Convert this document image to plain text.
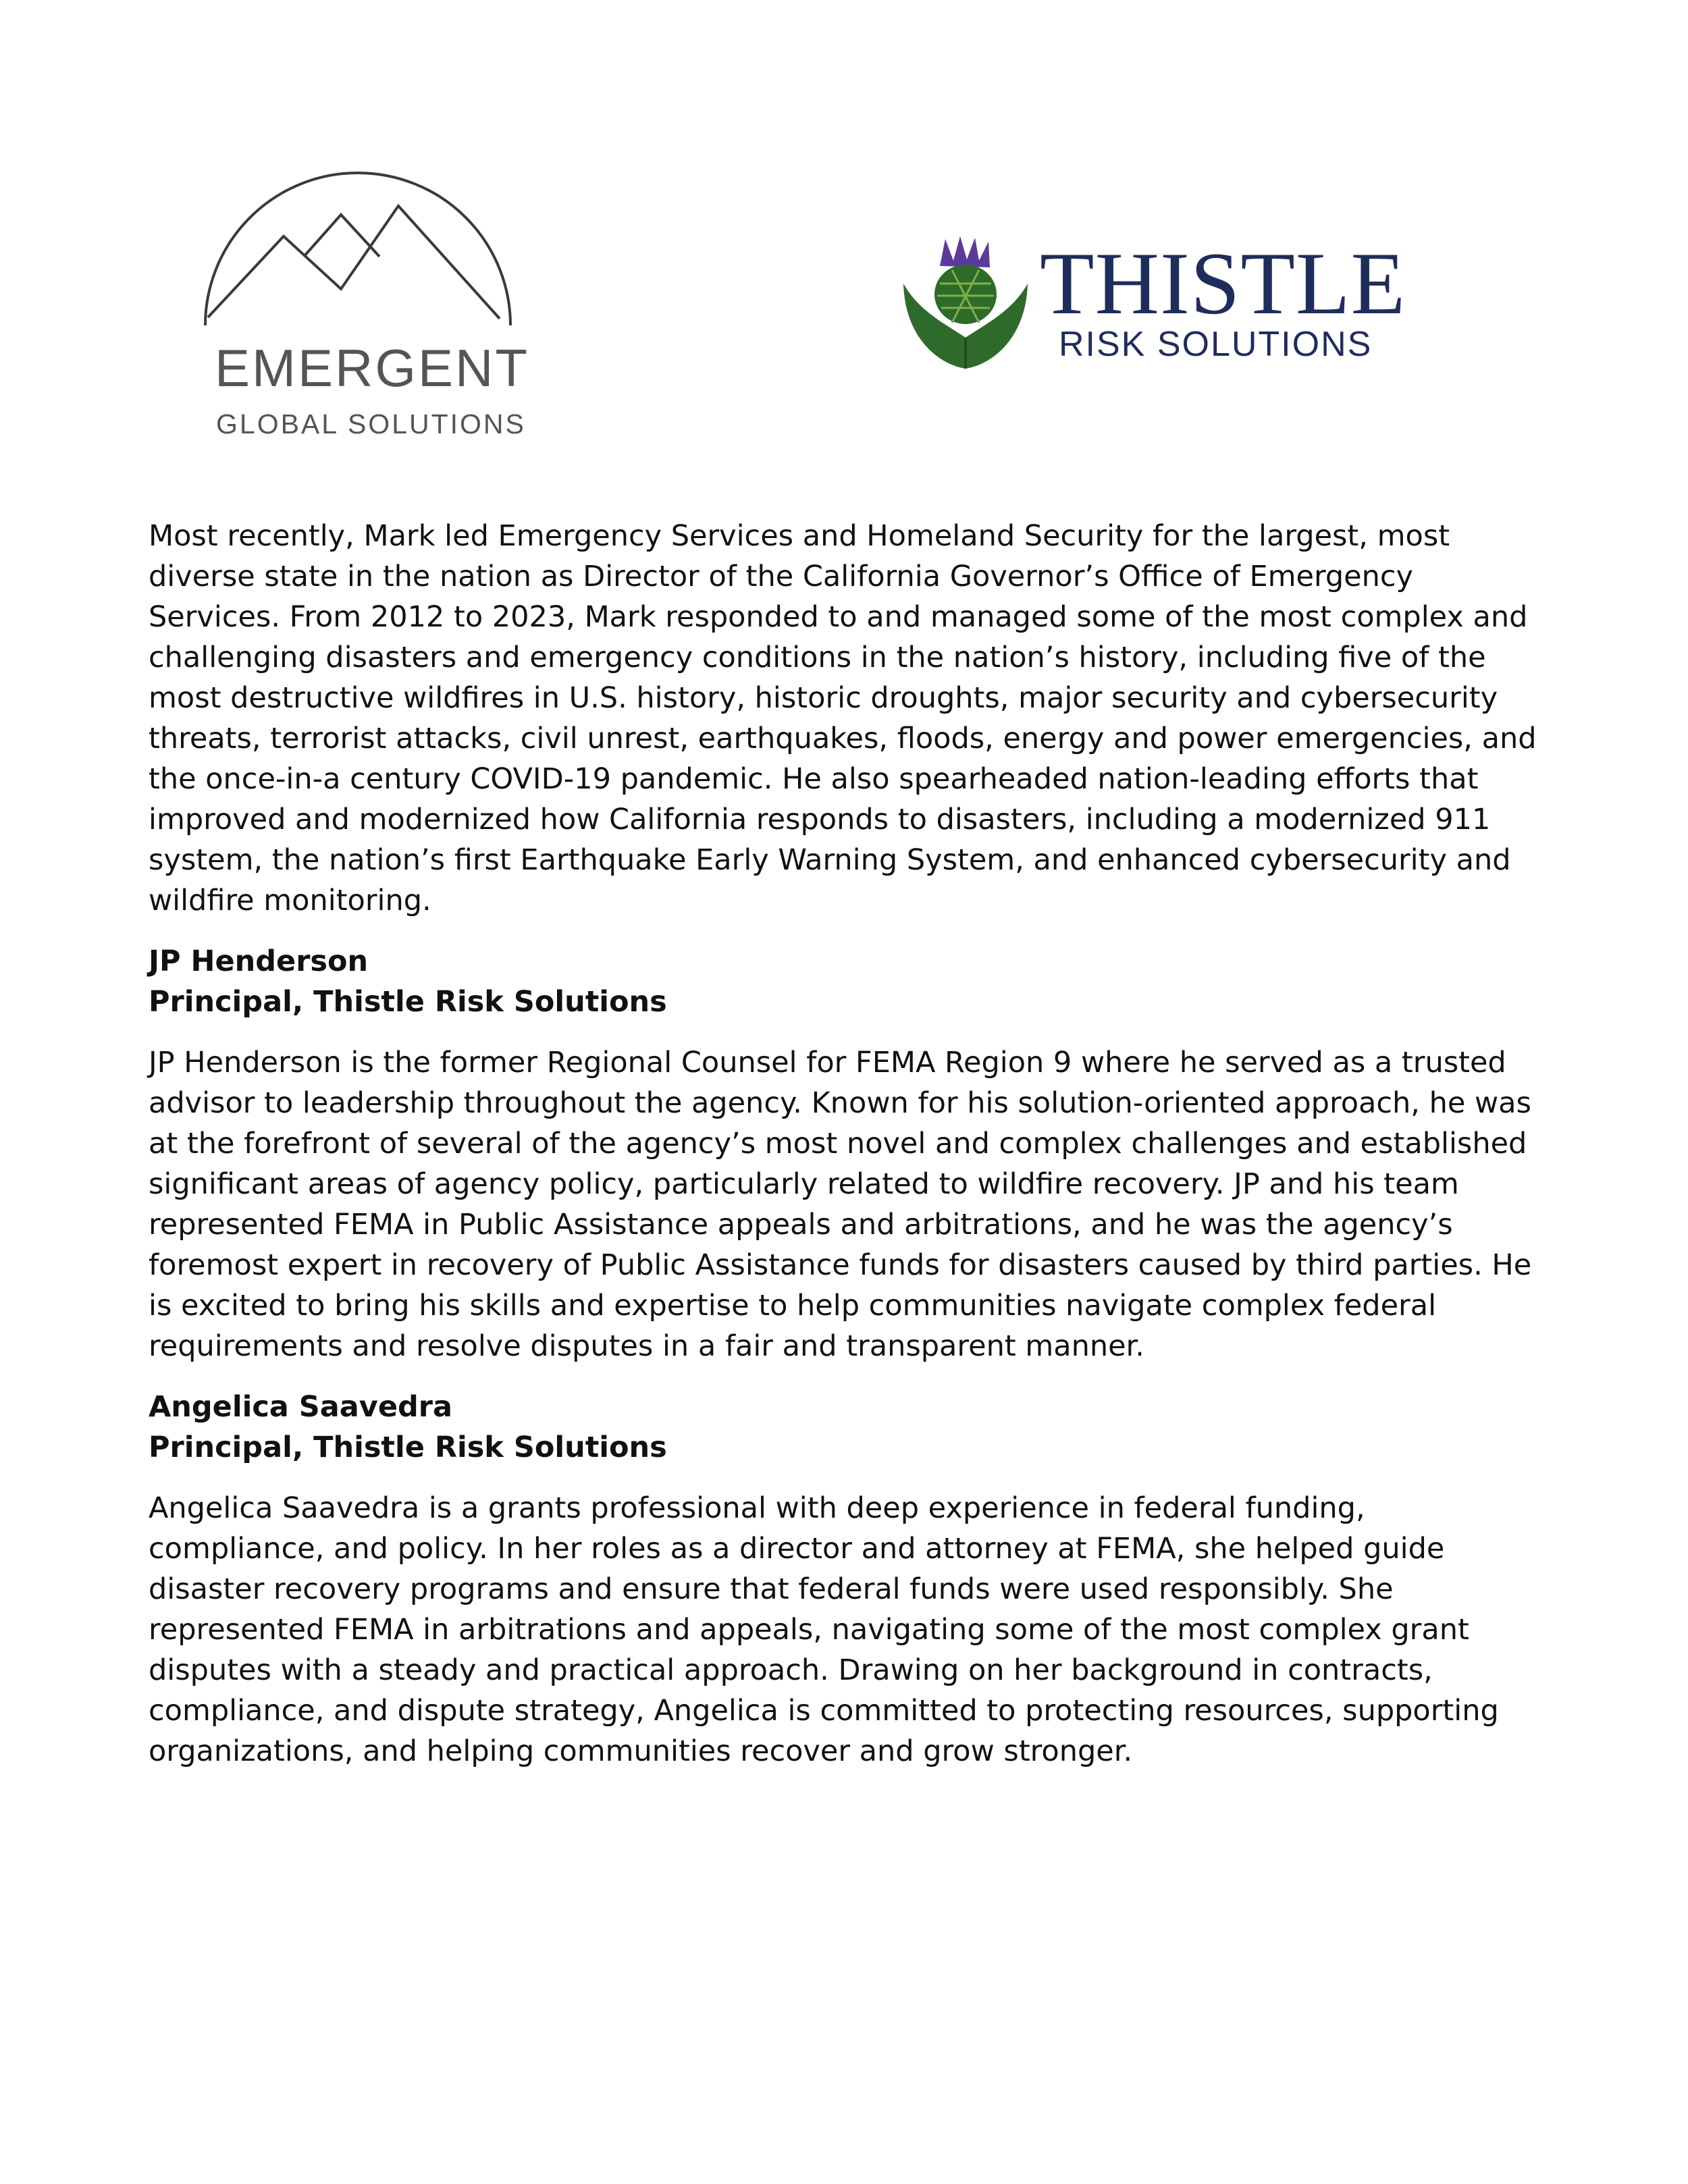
EMERGENT
GLOBAL SOLUTIONS
THISTLE
RISK SOLUTIONS

Most recently, Mark led Emergency Services and Homeland Security for the largest, most diverse state in the nation as Director of the California Governor’s Office of Emergency Services. From 2012 to 2023, Mark responded to and managed some of the most complex and challenging disasters and emergency conditions in the nation’s history, including five of the most destructive wildfires in U.S. history, historic droughts, major security and cybersecurity threats, terrorist attacks, civil unrest, earthquakes, floods, energy and power emergencies, and the once-in-a century COVID-19 pandemic. He also spearheaded nation-leading efforts that improved and modernized how California responds to disasters, including a modernized 911 system, the nation’s first Earthquake Early Warning System, and enhanced cybersecurity and wildfire monitoring.

JP Henderson

Principal, Thistle Risk Solutions

JP Henderson is the former Regional Counsel for FEMA Region 9 where he served as a trusted advisor to leadership throughout the agency. Known for his solution-oriented approach, he was at the forefront of several of the agency’s most novel and complex challenges and established significant areas of agency policy, particularly related to wildfire recovery. JP and his team represented FEMA in Public Assistance appeals and arbitrations, and he was the agency’s foremost expert in recovery of Public Assistance funds for disasters caused by third parties. He is excited to bring his skills and expertise to help communities navigate complex federal requirements and resolve disputes in a fair and transparent manner.

Angelica Saavedra

Principal, Thistle Risk Solutions

Angelica Saavedra is a grants professional with deep experience in federal funding, compliance, and policy. In her roles as a director and attorney at FEMA, she helped guide disaster recovery programs and ensure that federal funds were used responsibly. She represented FEMA in arbitrations and appeals, navigating some of the most complex grant disputes with a steady and practical approach. Drawing on her background in contracts, compliance, and dispute strategy, Angelica is committed to protecting resources, supporting organizations, and helping communities recover and grow stronger.
